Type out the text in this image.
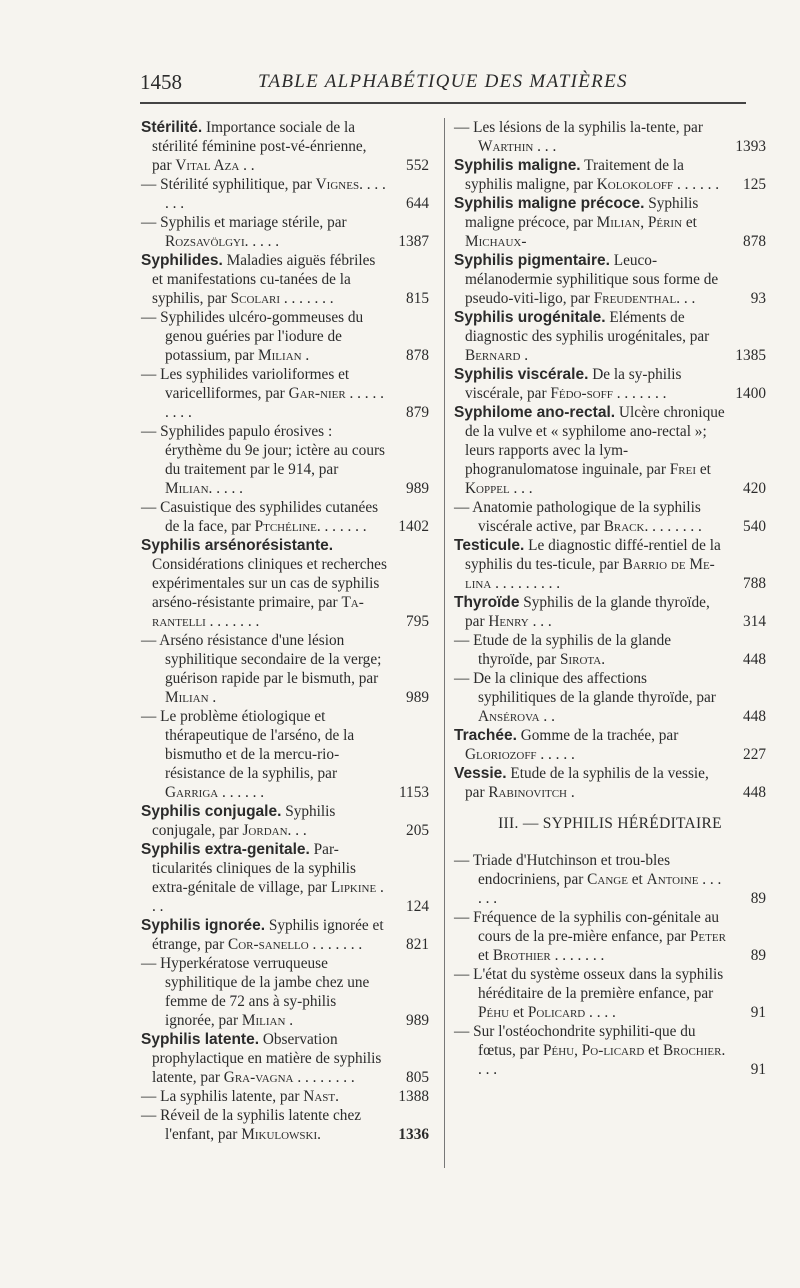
1458	TABLE ALPHABÉTIQUE DES MATIÈRES
Stérilité. Importance sociale de la stérilité féminine post-vé-énrienne, par Vital Aza . .	552
— Stérilité syphilitique, par Vignes. . . . . . .	644
— Syphilis et mariage stérile, par Rozsavölgyi. . . . .	1387
Syphilides. Maladies aiguës fébriles et manifestations cu-tanées de la syphilis, par Scolari . . . . . . .	815
— Syphilides ulcéro-gommeuses du genou guéries par l'iodure de potassium, par Milian .	878
— Les syphilides varioliformes et varicelliformes, par Gar-nier . . . . . . . . .	879
— Syphilides papulo érosives : érythème du 9e jour; ictère au cours du traitement par le 914, par Milian. . . . .	989
— Casuistique des syphilides cutanées de la face, par Ptchéline. . . . . . . 1402
Syphilis arsénorésistante. Considérations cliniques et recherches expérimentales sur un cas de syphilis arséno-résistante primaire, par Ta-rantelli . . . . . . .	795
— Arséno résistance d'une lésion syphilitique secondaire de la verge; guérison rapide par le bismuth, par Milian .	989
— Le problème étiologique et thérapeutique de l'arséno, de la bismutho et de la mercu-rio-résistance de la syphilis, par Garriga . . . . . .	1153
Syphilis conjugale. Syphilis conjugale, par Jordan. . .	205
Syphilis extra-genitale. Par-ticularités cliniques de la syphilis extra-génitale de village, par Lipkine . . .	124
Syphilis ignorée. Syphilis ignorée et étrange, par Cor-sanello . . . . . . .	821
— Hyperkératose verruqueuse syphilitique de la jambe chez une femme de 72 ans à sy-philis ignorée, par Milian .	989
Syphilis latente. Observation prophylactique en matière de syphilis latente, par Gra-vagna . . . . . . . .	805
— La syphilis latente, par Nast.	1388
— Réveil de la syphilis latente chez l'enfant, par Mikulowski.	1336
— Les lésions de la syphilis la-tente, par Warthin . . .	1393
Syphilis maligne. Traitement de la syphilis maligne, par Kolokoloff . . . . . . 125
Syphilis maligne précoce. Syphilis maligne précoce, par Milian, Périn et Michaux-	878
Syphilis pigmentaire. Leuco-mélanodermie syphilitique sous forme de pseudo-viti-ligo, par Freudenthal. . .	93
Syphilis urogénitale. Eléments de diagnostic des syphilis urogénitales, par Bernard .	1385
Syphilis viscérale. De la sy-philis viscérale, par Fédo-soff . . . . . . .	1400
Syphilome ano-rectal. Ulcère chronique de la vulve et « syphilome ano-rectal »; leurs rapports avec la lym-phogranulomatose inguinale, par Frei et Koppel . . .	420
— Anatomie pathologique de la syphilis viscérale active, par Brack. . . . . . . .	540
Testicule. Le diagnostic diffé-rentiel de la syphilis du tes-ticule, par Barrio de Me-lina . . . . . . . . .	788
Thyroïde Syphilis de la glande thyroïde, par Henry . . .	314
— Etude de la syphilis de la glande thyroïde, par Sirota.	448
— De la clinique des affections syphilitiques de la glande thyroïde, par Ansérova . .	448
Trachée. Gomme de la trachée, par Gloriozoff . . . . .	227
Vessie. Etude de la syphilis de la vessie, par Rabinovitch .	448
III. — SYPHILIS HÉRÉDITAIRE
— Triade d'Hutchinson et trou-bles endocriniens, par Cange et Antoine . . . . . .	89
— Fréquence de la syphilis con-génitale au cours de la pre-mière enfance, par Peter et Brothier . . . . . . .	89
— L'état du système osseux dans la syphilis héréditaire de la première enfance, par Péhu et Policard . . . .	91
— Sur l'ostéochondrite syphiliti-que du fœtus, par Péhu, Po-licard et Brochier. . . .	91
